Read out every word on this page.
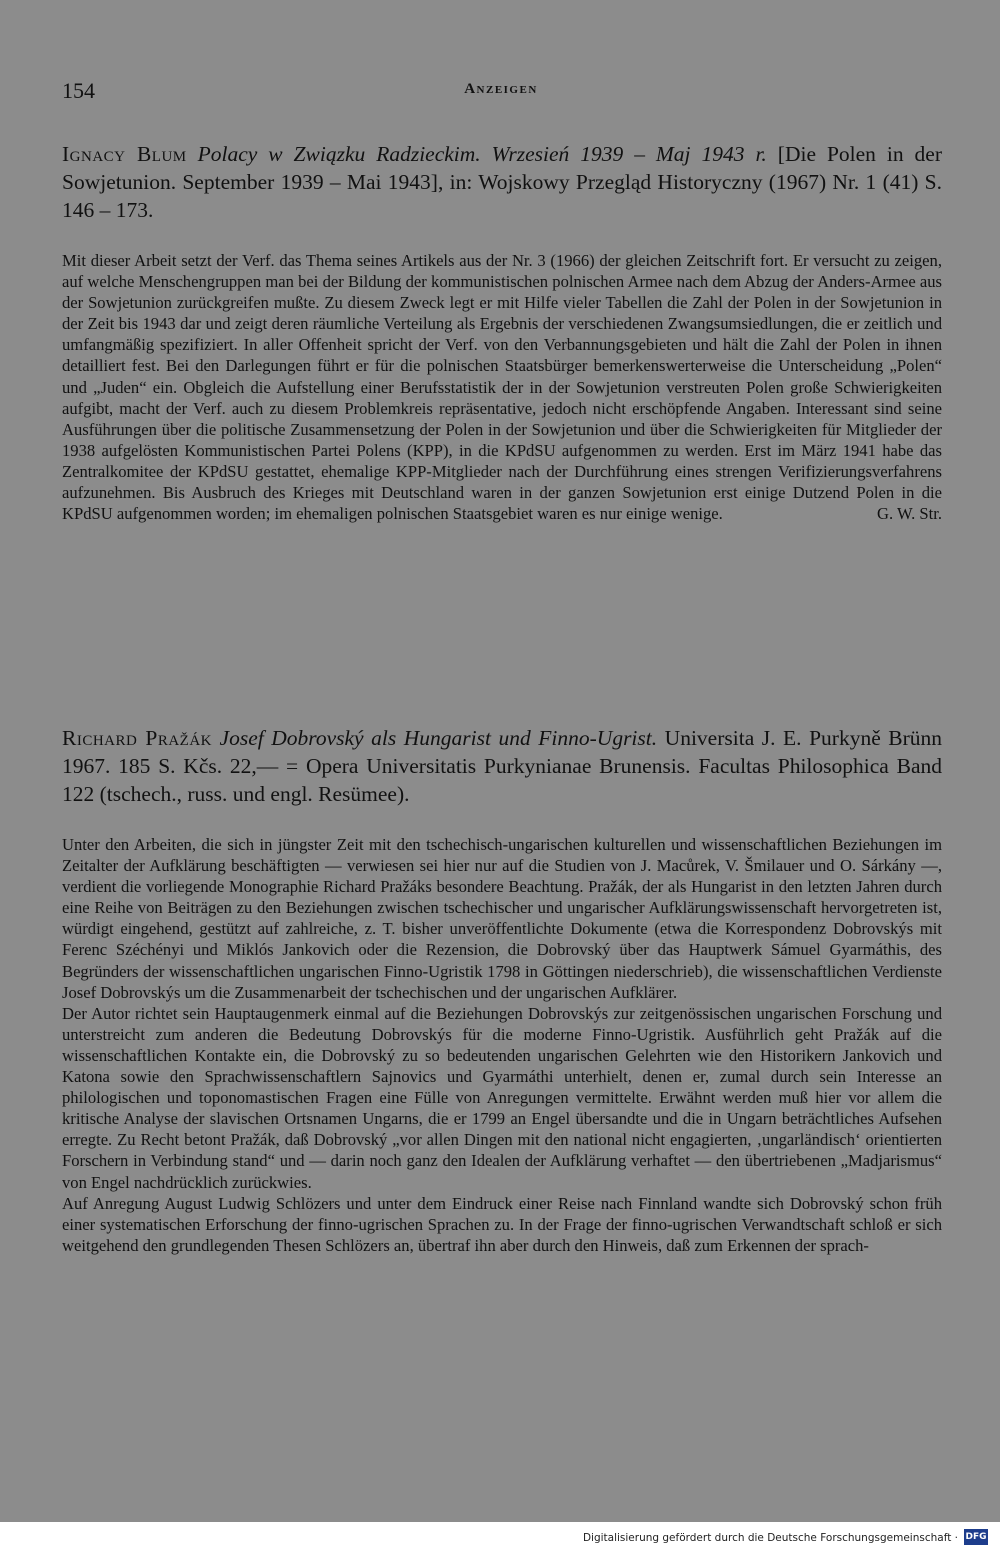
154	Anzeigen
Ignacy Blum Polacy w Związku Radzieckim. Wrzesień 1939 – Maj 1943 r. [Die Polen in der Sowjetunion. September 1939 – Mai 1943], in: Wojskowy Przegląd Historyczny (1967) Nr. 1 (41) S. 146 – 173.

Mit dieser Arbeit setzt der Verf. das Thema seines Artikels aus der Nr. 3 (1966) der gleichen Zeitschrift fort. Er versucht zu zeigen, auf welche Menschengruppen man bei der Bildung der kommunistischen polnischen Armee nach dem Abzug der Anders-Armee aus der Sowjetunion zurückgreifen mußte. Zu diesem Zweck legt er mit Hilfe vieler Tabellen die Zahl der Polen in der Sowjetunion in der Zeit bis 1943 dar und zeigt deren räumliche Verteilung als Ergebnis der verschiedenen Zwangsumsiedlungen, die er zeitlich und umfangmäßig spezifiziert. In aller Offenheit spricht der Verf. von den Verbannungsgebieten und hält die Zahl der Polen in ihnen detailliert fest. Bei den Darlegungen führt er für die polnischen Staatsbürger bemerkenswerterweise die Unterscheidung „Polen“ und „Juden“ ein. Obgleich die Aufstellung einer Berufsstatistik der in der Sowjetunion verstreuten Polen große Schwierigkeiten aufgibt, macht der Verf. auch zu diesem Problemkreis repräsentative, jedoch nicht erschöpfende Angaben. Interessant sind seine Ausführungen über die politische Zusammensetzung der Polen in der Sowjetunion und über die Schwierigkeiten für Mitglieder der 1938 aufgelösten Kommunistischen Partei Polens (KPP), in die KPdSU aufgenommen zu werden. Erst im März 1941 habe das Zentralkomitee der KPdSU gestattet, ehemalige KPP-Mitglieder nach der Durchführung eines strengen Verifizierungsverfahrens aufzunehmen. Bis Ausbruch des Krieges mit Deutschland waren in der ganzen Sowjetunion erst einige Dutzend Polen in die KPdSU aufgenommen worden; im ehemaligen polnischen Staatsgebiet waren es nur einige wenige.	G. W. Str.

Richard Pražák Josef Dobrovský als Hungarist und Finno-Ugrist. Universita J. E. Purkyně Brünn 1967. 185 S. Kčs. 22,— = Opera Universitatis Purkynianae Brunensis. Facultas Philosophica Band 122 (tschech., russ. und engl. Resümee).

Unter den Arbeiten, die sich in jüngster Zeit mit den tschechisch-ungarischen kulturellen und wissenschaftlichen Beziehungen im Zeitalter der Aufklärung beschäftigten — verwiesen sei hier nur auf die Studien von J. Macůrek, V. Šmilauer und O. Sárkány —, verdient die vorliegende Monographie Richard Pražáks besondere Beachtung. Pražák, der als Hungarist in den letzten Jahren durch eine Reihe von Beiträgen zu den Beziehungen zwischen tschechischer und ungarischer Aufklärungswissenschaft hervorgetreten ist, würdigt eingehend, gestützt auf zahlreiche, z. T. bisher unveröffentlichte Dokumente (etwa die Korrespondenz Dobrovskýs mit Ferenc Széchényi und Miklós Jankovich oder die Rezension, die Dobrovský über das Hauptwerk Sámuel Gyarmáthis, des Begründers der wissenschaftlichen ungarischen Finno-Ugristik 1798 in Göttingen niederschrieb), die wissenschaftlichen Verdienste Josef Dobrovskýs um die Zusammenarbeit der tschechischen und der ungarischen Aufklärer.

Der Autor richtet sein Hauptaugenmerk einmal auf die Beziehungen Dobrovskýs zur zeitgenössischen ungarischen Forschung und unterstreicht zum anderen die Bedeutung Dobrovskýs für die moderne Finno-Ugristik. Ausführlich geht Pražák auf die wissenschaftlichen Kontakte ein, die Dobrovský zu so bedeutenden ungarischen Gelehrten wie den Historikern Jankovich und Katona sowie den Sprachwissenschaftlern Sajnovics und Gyarmáthi unterhielt, denen er, zumal durch sein Interesse an philologischen und toponomastischen Fragen eine Fülle von Anregungen vermittelte. Erwähnt werden muß hier vor allem die kritische Analyse der slavischen Ortsnamen Ungarns, die er 1799 an Engel übersandte und die in Ungarn beträchtliches Aufsehen erregte. Zu Recht betont Pražák, daß Dobrovský „vor allen Dingen mit den national nicht engagierten, ‚ungarländisch‘ orientierten Forschern in Verbindung stand“ und — darin noch ganz den Idealen der Aufklärung verhaftet — den übertriebenen „Madjarismus“ von Engel nachdrücklich zurückwies.

Auf Anregung August Ludwig Schlözers und unter dem Eindruck einer Reise nach Finnland wandte sich Dobrovský schon früh einer systematischen Erforschung der finno-ugrischen Sprachen zu. In der Frage der finno-ugrischen Verwandtschaft schloß er sich weitgehend den grundlegenden Thesen Schlözers an, übertraf ihn aber durch den Hinweis, daß zum Erkennen der sprach-

Digitalisierung gefördert durch die Deutsche Forschungsgemeinschaft · DFG
